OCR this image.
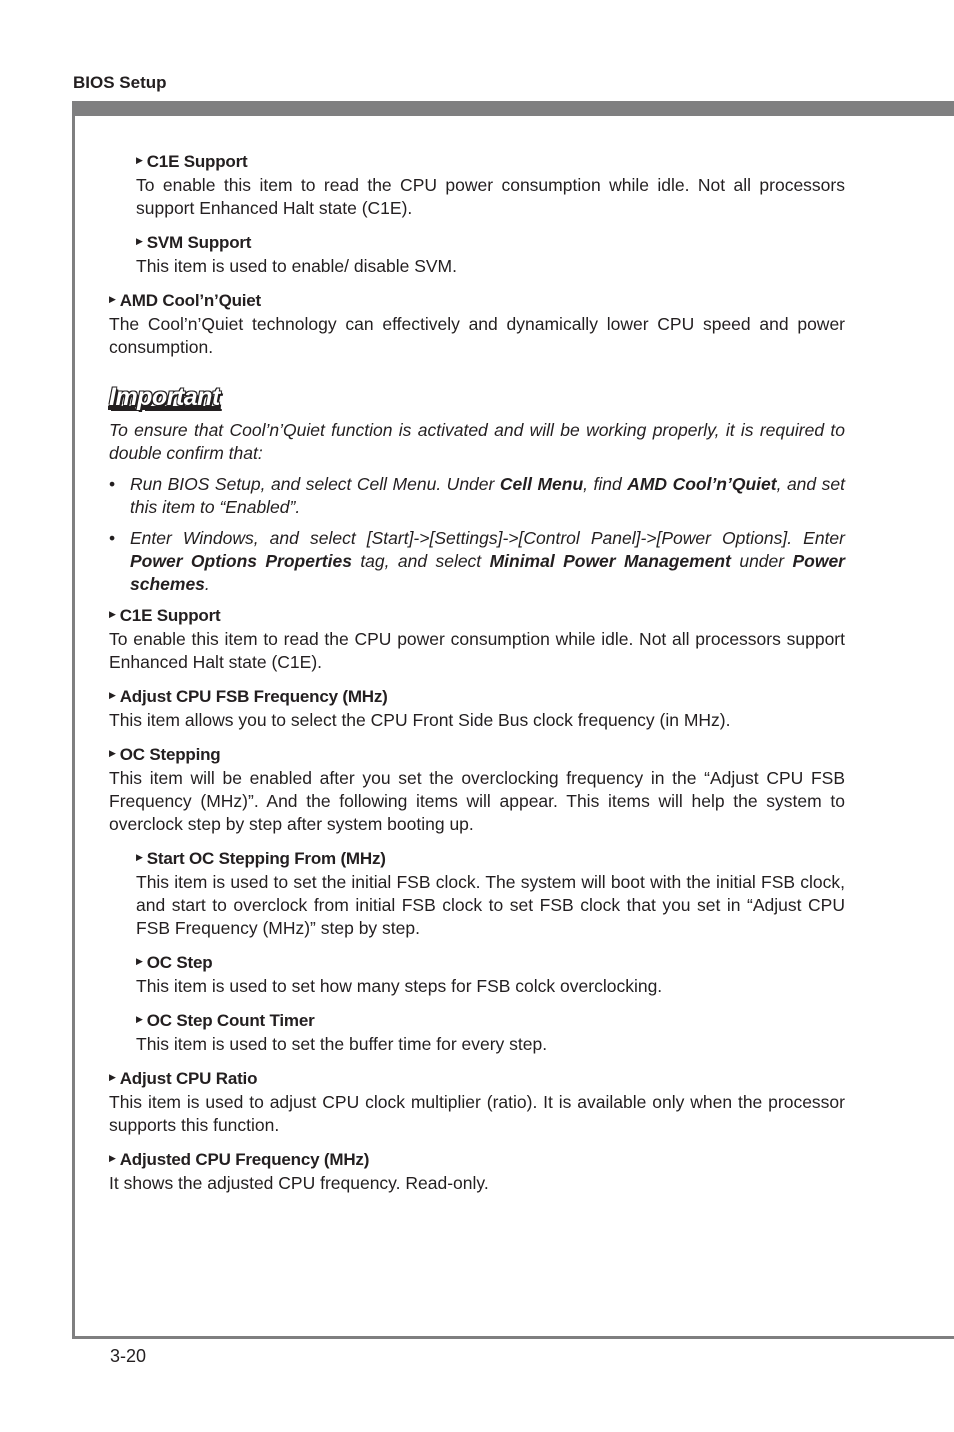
BIOS Setup
▶ C1E Support
To enable this item to read the CPU power consumption while idle. Not all processors support Enhanced Halt state (C1E).
▶ SVM Support
This item is used to enable/ disable SVM.
▶ AMD Cool’n’Quiet
The Cool’n’Quiet technology can effectively and dynamically lower CPU speed and power consumption.
Important
To ensure that Cool’n’Quiet function is activated and will be working properly, it is required to double confirm that:
• Run BIOS Setup, and select Cell Menu. Under Cell Menu, find AMD Cool’n’Quiet, and set this item to “Enabled”.
• Enter Windows, and select [Start]->[Settings]->[Control Panel]->[Power Options]. Enter Power Options Properties tag, and select Minimal Power Management under Power schemes.
▶ C1E Support
To enable this item to read the CPU power consumption while idle. Not all processors support Enhanced Halt state (C1E).
▶ Adjust CPU FSB Frequency (MHz)
This item allows you to select the CPU Front Side Bus clock frequency (in MHz).
▶ OC Stepping
This item will be enabled after you set the overclocking frequency in the “Adjust CPU FSB Frequency (MHz)”. And the following items will appear. This items will help the system to overclock step by step after system booting up.
▶ Start OC Stepping From (MHz)
This item is used to set the initial FSB clock. The system will boot with the initial FSB clock, and start to overclock from initial FSB clock to set FSB clock that you set in “Adjust CPU FSB Frequency (MHz)” step by step.
▶ OC Step
This item is used to set how many steps for FSB colck overclocking.
▶ OC Step Count Timer
This item is used to set the buffer time for every step.
▶ Adjust CPU Ratio
This item is used to adjust CPU clock multiplier (ratio). It is available only when the processor supports this function.
▶ Adjusted CPU Frequency (MHz)
It shows the adjusted CPU frequency. Read-only.
3-20
